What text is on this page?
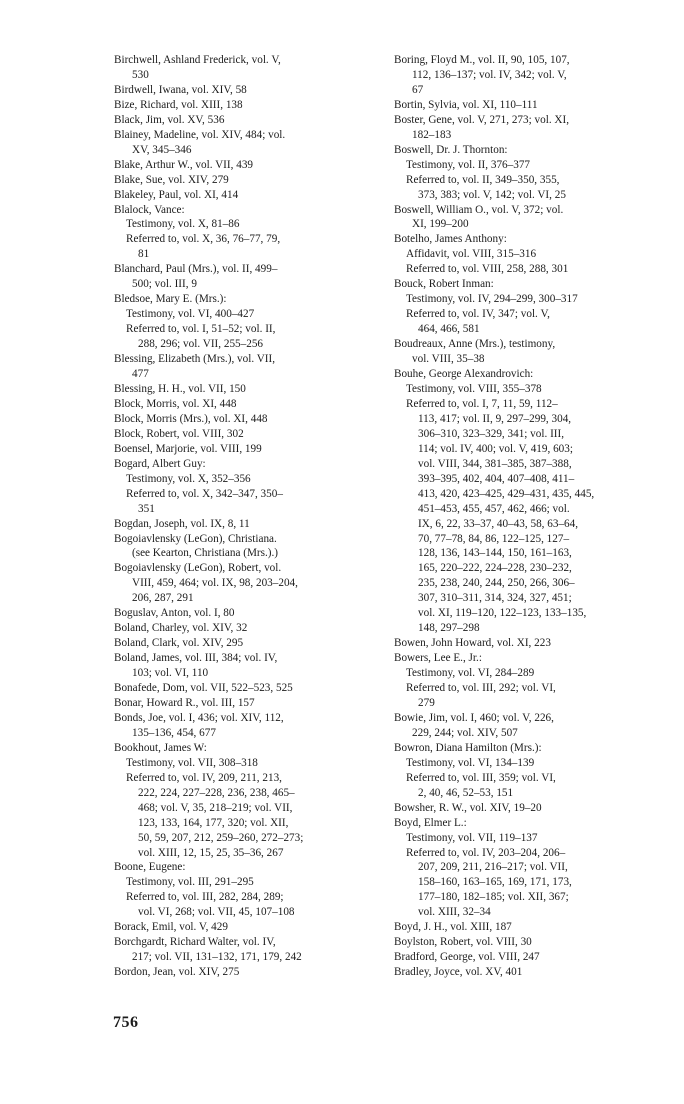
Birchwell, Ashland Frederick, vol. V,
530
Birdwell, Iwana, vol. XIV, 58
Bize, Richard, vol. XIII, 138
Black, Jim, vol. XV, 536
Blainey, Madeline, vol. XIV, 484; vol.
XV, 345–346
Blake, Arthur W., vol. VII, 439
Blake, Sue, vol. XIV, 279
Blakeley, Paul, vol. XI, 414
Blalock, Vance:
Testimony, vol. X, 81–86
Referred to, vol. X, 36, 76–77, 79,
81
Blanchard, Paul (Mrs.), vol. II, 499–
500; vol. III, 9
Bledsoe, Mary E. (Mrs.):
Testimony, vol. VI, 400–427
Referred to, vol. I, 51–52; vol. II,
288, 296; vol. VII, 255–256
Blessing, Elizabeth (Mrs.), vol. VII,
477
Blessing, H. H., vol. VII, 150
Block, Morris, vol. XI, 448
Block, Morris (Mrs.), vol. XI, 448
Block, Robert, vol. VIII, 302
Boensel, Marjorie, vol. VIII, 199
Bogard, Albert Guy:
Testimony, vol. X, 352–356
Referred to, vol. X, 342–347, 350–
351
Bogdan, Joseph, vol. IX, 8, 11
Bogoiavlensky (LeGon), Christiana.
(see Kearton, Christiana (Mrs.).)
Bogoiavlensky (LeGon), Robert, vol.
VIII, 459, 464; vol. IX, 98, 203–204,
206, 287, 291
Boguslav, Anton, vol. I, 80
Boland, Charley, vol. XIV, 32
Boland, Clark, vol. XIV, 295
Boland, James, vol. III, 384; vol. IV,
103; vol. VI, 110
Bonafede, Dom, vol. VII, 522–523, 525
Bonar, Howard R., vol. III, 157
Bonds, Joe, vol. I, 436; vol. XIV, 112,
135–136, 454, 677
Bookhout, James W:
Testimony, vol. VII, 308–318
Referred to, vol. IV, 209, 211, 213,
222, 224, 227–228, 236, 238, 465–
468; vol. V, 35, 218–219; vol. VII,
123, 133, 164, 177, 320; vol. XII,
50, 59, 207, 212, 259–260, 272–273;
vol. XIII, 12, 15, 25, 35–36, 267
Boone, Eugene:
Testimony, vol. III, 291–295
Referred to, vol. III, 282, 284, 289;
vol. VI, 268; vol. VII, 45, 107–108
Borack, Emil, vol. V, 429
Borchgardt, Richard Walter, vol. IV,
217; vol. VII, 131–132, 171, 179, 242
Bordon, Jean, vol. XIV, 275
Boring, Floyd M., vol. II, 90, 105, 107,
112, 136–137; vol. IV, 342; vol. V,
67
Bortin, Sylvia, vol. XI, 110–111
Boster, Gene, vol. V, 271, 273; vol. XI,
182–183
Boswell, Dr. J. Thornton:
Testimony, vol. II, 376–377
Referred to, vol. II, 349–350, 355,
373, 383; vol. V, 142; vol. VI, 25
Boswell, William O., vol. V, 372; vol.
XI, 199–200
Botelho, James Anthony:
Affidavit, vol. VIII, 315–316
Referred to, vol. VIII, 258, 288, 301
Bouck, Robert Inman:
Testimony, vol. IV, 294–299, 300–317
Referred to, vol. IV, 347; vol. V,
464, 466, 581
Boudreaux, Anne (Mrs.), testimony,
vol. VIII, 35–38
Bouhe, George Alexandrovich:
Testimony, vol. VIII, 355–378
Referred to, vol. I, 7, 11, 59, 112–
113, 417; vol. II, 9, 297–299, 304,
306–310, 323–329, 341; vol. III,
114; vol. IV, 400; vol. V, 419, 603;
vol. VIII, 344, 381–385, 387–388,
393–395, 402, 404, 407–408, 411–
413, 420, 423–425, 429–431, 435, 445,
451–453, 455, 457, 462, 466; vol.
IX, 6, 22, 33–37, 40–43, 58, 63–64,
70, 77–78, 84, 86, 122–125, 127–
128, 136, 143–144, 150, 161–163,
165, 220–222, 224–228, 230–232,
235, 238, 240, 244, 250, 266, 306–
307, 310–311, 314, 324, 327, 451;
vol. XI, 119–120, 122–123, 133–135,
148, 297–298
Bowen, John Howard, vol. XI, 223
Bowers, Lee E., Jr.:
Testimony, vol. VI, 284–289
Referred to, vol. III, 292; vol. VI,
279
Bowie, Jim, vol. I, 460; vol. V, 226,
229, 244; vol. XIV, 507
Bowron, Diana Hamilton (Mrs.):
Testimony, vol. VI, 134–139
Referred to, vol. III, 359; vol. VI,
2, 40, 46, 52–53, 151
Bowsher, R. W., vol. XIV, 19–20
Boyd, Elmer L.:
Testimony, vol. VII, 119–137
Referred to, vol. IV, 203–204, 206–
207, 209, 211, 216–217; vol. VII,
158–160, 163–165, 169, 171, 173,
177–180, 182–185; vol. XII, 367;
vol. XIII, 32–34
Boyd, J. H., vol. XIII, 187
Boylston, Robert, vol. VIII, 30
Bradford, George, vol. VIII, 247
Bradley, Joyce, vol. XV, 401
756
